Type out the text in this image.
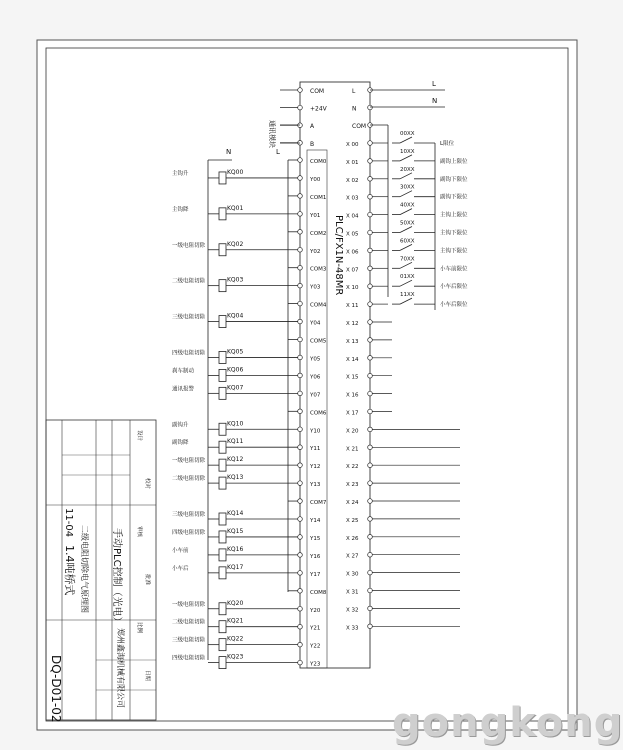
PLC/FX1N-48MR
COM
+24V
A
B
L
N
COM
COM0
Y00
COM1
Y01
COM2
Y02
COM3
Y03
COM4
Y04
COM5
Y05
Y06
Y07
COM6
Y10
Y11
Y12
Y13
COM7
Y14
Y15
Y16
Y17
COM8
Y20
Y21
Y22
Y23
X 00
X 01
X 02
X 03
X 04
X 05
X 06
X 07
X 10
X 11
X 12
X 13
X 14
X 15
X 16
X 17
X 20
X 21
X 22
X 23
X 24
X 25
X 26
X 27
X 30
X 31
X 32
X 33
主钩升	KQ00
主钩降	KQ01
一级电阻切除	KQ02
二级电阻切除	KQ03
三级电阻切除	KQ04
四级电阻切除	KQ05
刹车制动	KQ06
通讯报警	KQ07
副钩升	KQ10
副钩降	KQ11
一级电阻切除	KQ12
二级电阻切除	KQ13
三级电阻切除	KQ14
四级电阻切除	KQ15
小车前	KQ16
小车后	KQ17
一级电阻切除	KQ20
二级电阻切除	KQ21
三级电阻切除	KQ22
四级电阻切除	KQ23
00XX
L限位
10XX
副钩上限位
20XX
副钩下限位
30XX
副钩下限位
40XX
主钩上限位
50XX
主钩下限位
60XX
主钩下限位
70XX
小车前限位
01XX
小车后限位
11XX
小车后限位
L
N
N	L
通讯模块
DQ-D01-02
1.4吨桥式 二级电阻切除电气原理图 手动PLC控制（光电）
11-04
郑州鑫海机械有限公司
设计
校对
审核
批准
比例
日期
gongkong
